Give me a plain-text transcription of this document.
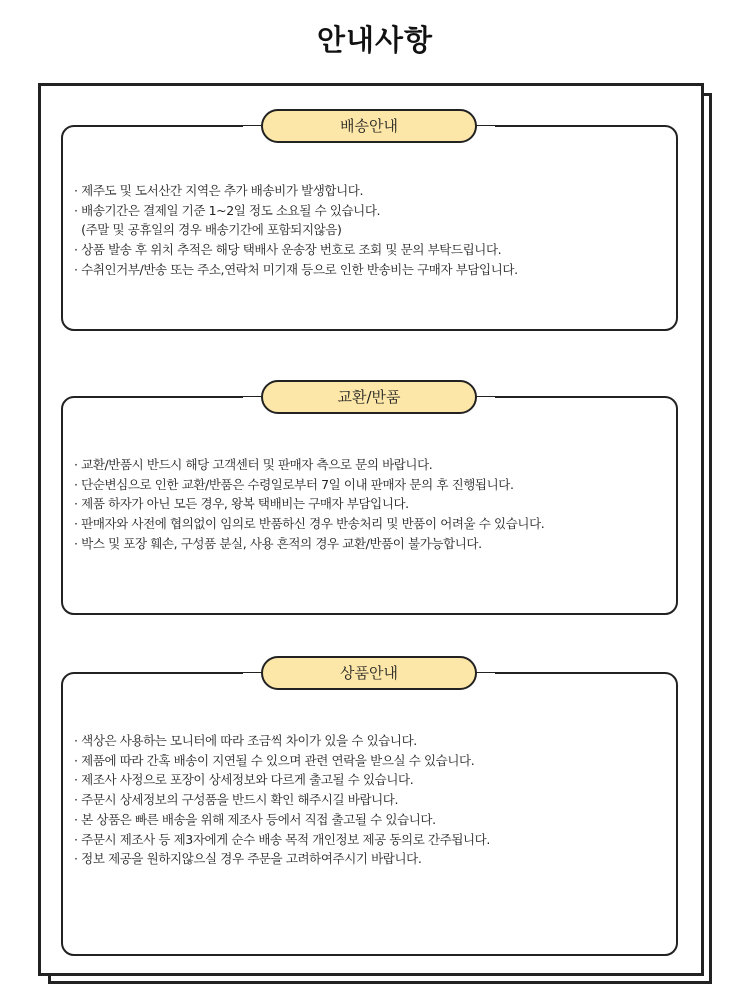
안내사항
배송안내
· 제주도 및 도서산간 지역은 추가 배송비가 발생합니다.
· 배송기간은 결제일 기준 1~2일 정도 소요될 수 있습니다.
(주말 및 공휴일의 경우 배송기간에 포함되지않음)
· 상품 발송 후 위치 추적은 해당 택배사 운송장 번호로 조회 및 문의 부탁드립니다.
· 수취인거부/반송 또는 주소,연락처 미기재 등으로 인한 반송비는 구매자 부담입니다.
교환/반품
· 교환/반품시 반드시 해당 고객센터 및 판매자 측으로 문의 바랍니다.
· 단순변심으로 인한 교환/반품은 수령일로부터 7일 이내 판매자 문의 후 진행됩니다.
· 제품 하자가 아닌 모든 경우, 왕복 택배비는 구매자 부담입니다.
· 판매자와 사전에 협의없이 임의로 반품하신 경우 반송처리 및 반품이 어려울 수 있습니다.
· 박스 및 포장 훼손, 구성품 분실, 사용 흔적의 경우 교환/반품이 불가능합니다.
상품안내
· 색상은 사용하는 모니터에 따라 조금씩 차이가 있을 수 있습니다.
· 제품에 따라 간혹 배송이 지연될 수 있으며 관련 연락을 받으실 수 있습니다.
· 제조사 사정으로 포장이 상세정보와 다르게 출고될 수 있습니다.
· 주문시 상세정보의 구성품을 반드시 확인 해주시길 바랍니다.
· 본 상품은 빠른 배송을 위해 제조사 등에서 직접 출고될 수 있습니다.
· 주문시 제조사 등 제3자에게 순수 배송 목적 개인정보 제공 동의로 간주됩니다.
· 정보 제공을 원하지않으실 경우 주문을 고려하여주시기 바랍니다.
